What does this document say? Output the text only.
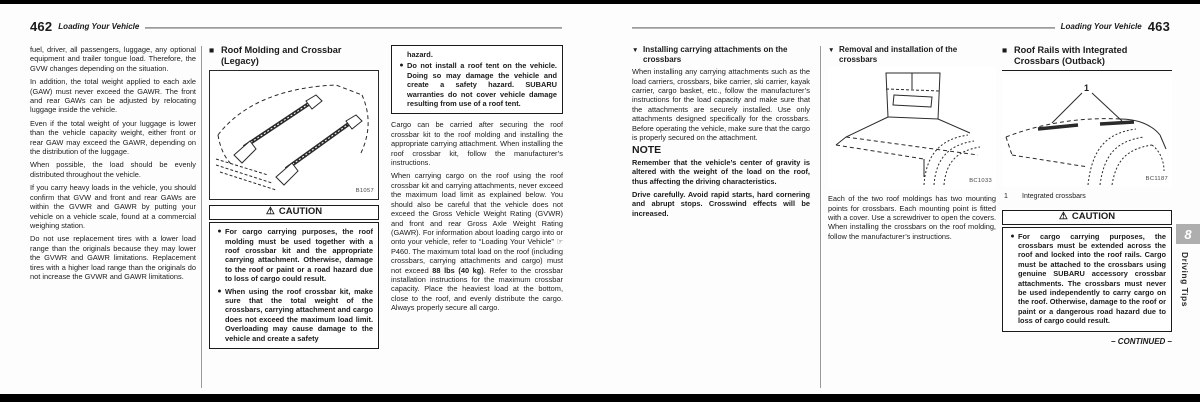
462 Loading Your Vehicle

fuel, driver, all passengers, luggage, any optional equipment and trailer tongue load. Therefore, the GVW changes depending on the situation.

In addition, the total weight applied to each axle (GAW) must never exceed the GAWR. The front and rear GAWs can be adjusted by relocating luggage inside the vehicle.

Even if the total weight of your luggage is lower than the vehicle capacity weight, either front or rear GAW may exceed the GAWR, depending on the distribution of the luggage.

When possible, the load should be evenly distributed throughout the vehicle.

If you carry heavy loads in the vehicle, you should confirm that GVW and front and rear GAWs are within the GVWR and GAWR by putting your vehicle on a vehicle scale, found at a commercial weighing station.

Do not use replacement tires with a lower load range than the originals because they may lower the GVWR and GAWR limitations. Replacement tires with a higher load range than the originals do not increase the GVWR and GAWR limitations.

■ Roof Molding and Crossbar (Legacy)
B1057
⚠ CAUTION
● For cargo carrying purposes, the roof molding must be used together with a roof crossbar kit and the appropriate carrying attachment. Otherwise, damage to the roof or paint or a road hazard due to loss of cargo could result.
● When using the roof crossbar kit, make sure that the total weight of the crossbars, carrying attachment and cargo does not exceed the maximum load limit. Overloading may cause damage to the vehicle and create a safety
hazard.
● Do not install a roof tent on the vehicle. Doing so may damage the vehicle and create a safety hazard. SUBARU warranties do not cover vehicle damage resulting from use of a roof tent.

Cargo can be carried after securing the roof crossbar kit to the roof molding and installing the appropriate carrying attachment. When installing the roof crossbar kit, follow the manufacturer’s instructions.

When carrying cargo on the roof using the roof crossbar kit and carrying attachments, never exceed the maximum load limit as explained below. You should also be careful that the vehicle does not exceed the Gross Vehicle Weight Rating (GVWR) and front and rear Gross Axle Weight Rating (GAWR). For information about loading cargo into or onto your vehicle, refer to “Loading Your Vehicle” ☞P460. The maximum total load on the roof (including crossbars, carrying attachments and cargo) must not exceed 88 lbs (40 kg). Refer to the crossbar installation instructions for the maximum crossbar capacity. Place the heaviest load at the bottom, close to the roof, and evenly distribute the cargo. Always properly secure all cargo.

Loading Your Vehicle 463
▼ Installing carrying attachments on the crossbars

When installing any carrying attachments such as the load carriers, crossbars, bike carrier, ski carrier, kayak carrier, cargo basket, etc., follow the manufacturer’s instructions for the load capacity and make sure that the attachments are securely installed. Use only attachments designed specifically for the crossbars. Before operating the vehicle, make sure that the cargo is properly secured on the attachment.

NOTE

Remember that the vehicle’s center of gravity is altered with the weight of the load on the roof, thus affecting the driving characteristics.

Drive carefully. Avoid rapid starts, hard cornering and abrupt stops. Crosswind effects will be increased.

▼ Removal and installation of the crossbars
BC1033

Each of the two roof moldings has two mounting points for crossbars. Each mounting point is fitted with a cover. Use a screwdriver to open the covers. When installing the crossbars on the roof molding, follow the manufacturer’s instructions.

■ Roof Rails with Integrated Crossbars (Outback)
1
BC1187
1	Integrated crossbars
⚠ CAUTION
● For cargo carrying purposes, the crossbars must be extended across the roof and locked into the roof rails. Cargo must be attached to the crossbars using genuine SUBARU accessory crossbar attachments. The crossbars must never be used independently to carry cargo on the roof. Otherwise, damage to the roof or paint or a dangerous road hazard due to loss of cargo could result.
– CONTINUED –
8
Driving Tips
